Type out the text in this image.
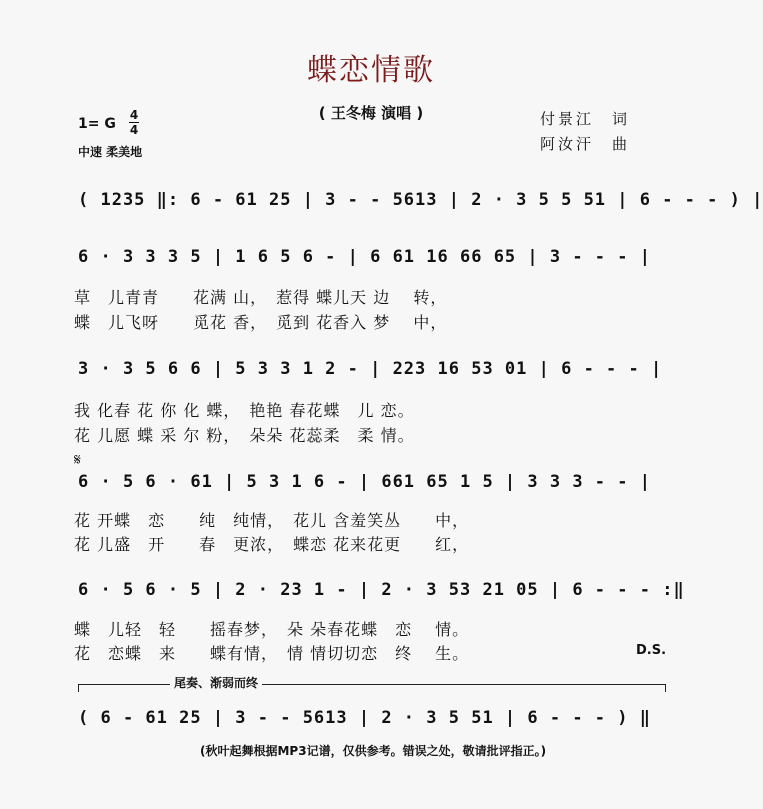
蝶恋情歌
( 王冬梅 演唱 )	付景江　词
阿汝汗　曲
1= G
4
4
中速 柔美地
( 1235 ‖: 6 - 61 25 | 3 - - 5613 | 2 · 3 5 5 51 | 6 - - - ) |
6 · 3 3 3 5 | 1 6 5 6 - | 6 61 16 66 65 | 3 - - - |
草　儿青青　　花满 山，　惹得 蝶儿天 边　 转，
蝶　儿飞呀　　觅花 香，　觅到 花香入 梦　 中，
3 · 3 5 6 6 | 5 3 3 1 2 - | 223 16 53 01 | 6 - - - |
我 化春 花 你 化 蝶，　艳艳 春花蝶　儿 恋。
花 儿愿 蝶 采 尔 粉，　朵朵 花蕊柔　柔 情。
𝄋
6 · 5 6 · 61 | 5 3 1 6 - | 661 65 1 5 | 3 3 3 - - |
花 开蝶　恋　　纯　纯情，　花儿 含羞笑丛　　中，
花 儿盛　开　　春　更浓，　蝶恋 花来花更　　红，
6 · 5 6 · 5 | 2 · 23 1 - | 2 · 3 53 21 05 | 6 - - - :‖
蝶　儿轻　轻　　摇春梦，　朵 朵春花蝶　恋　 情。
花　恋蝶　来　　蝶有情，　情 情切切恋　终　 生。	D.S.
尾奏、渐弱而终
( 6 - 61 25 | 3 - - 5613 | 2 · 3 5 51 | 6 - - - ) ‖
(秋叶起舞根据MP3记谱，仅供参考。错误之处，敬请批评指正。)
